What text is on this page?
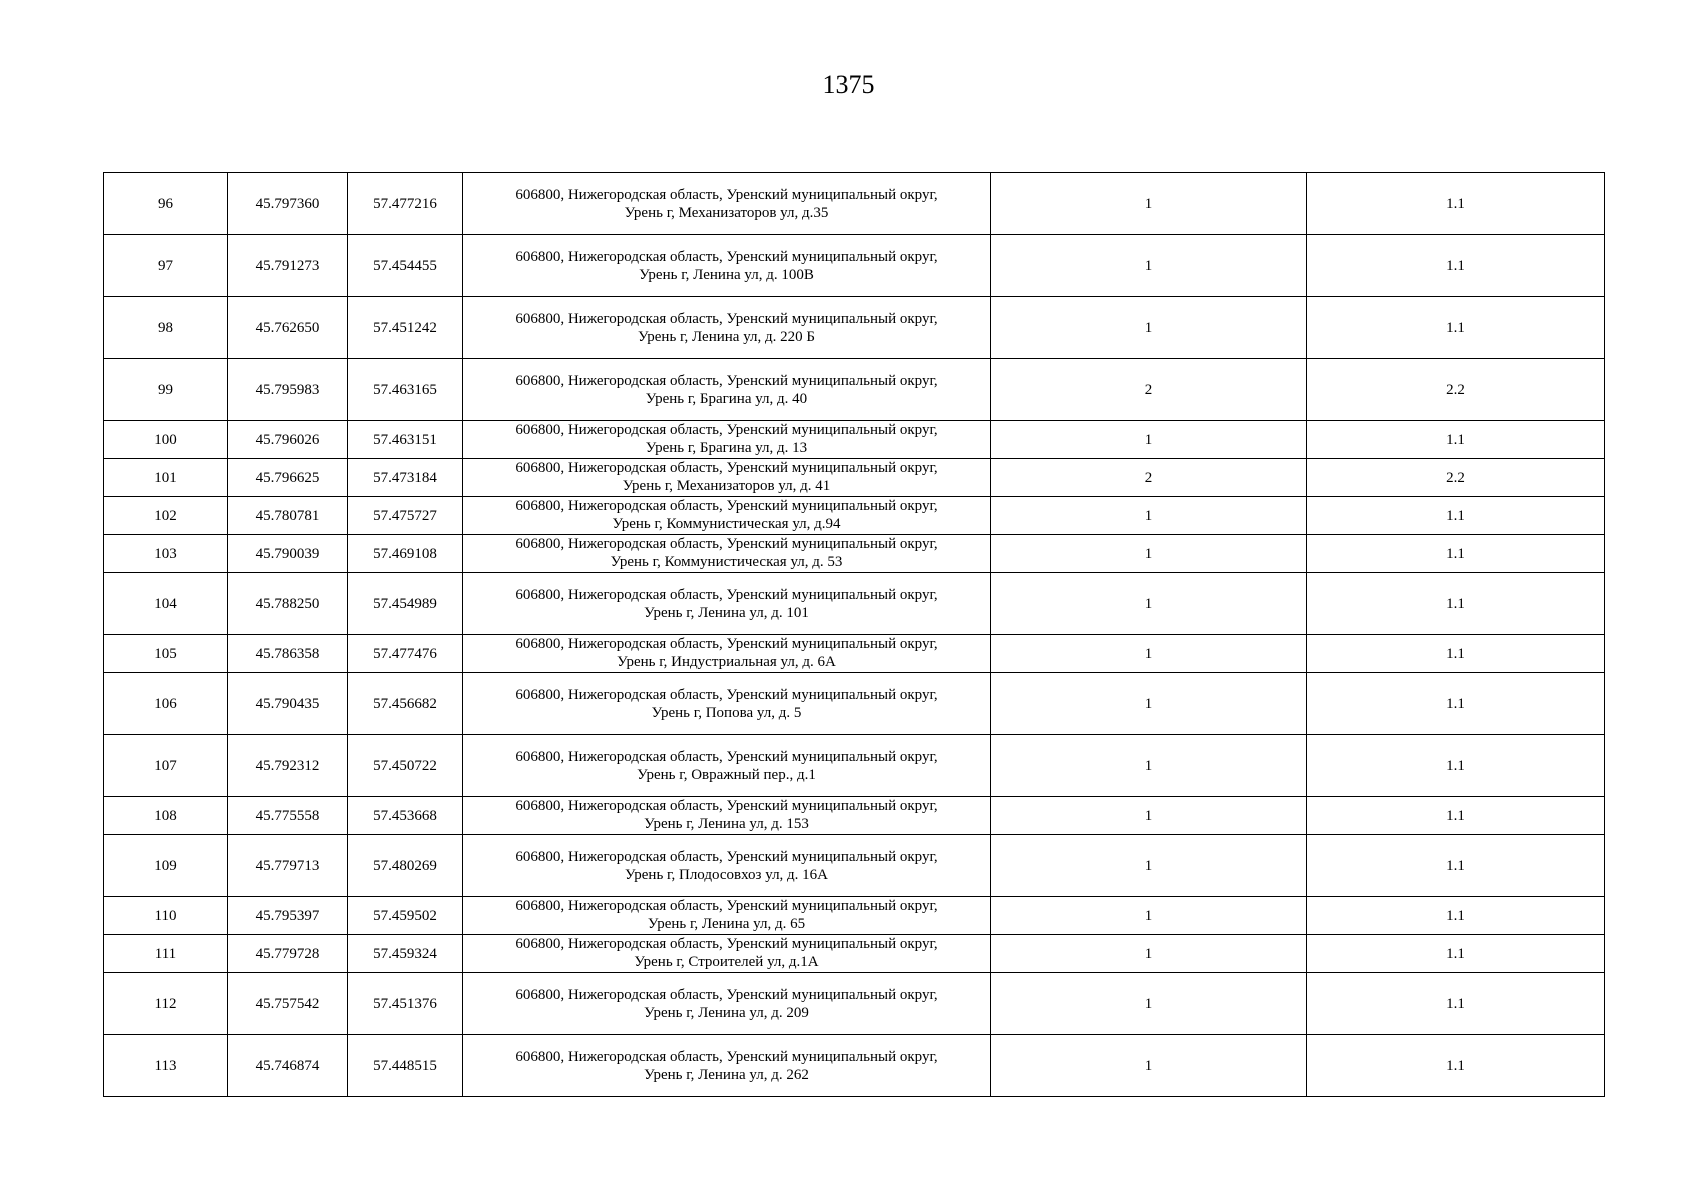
1375
96	45.797360	57.477216	606800, Нижегородская область, Уренский муниципальный округ,
Урень г, Механизаторов ул, д.35	1	1.1
97	45.791273	57.454455	606800, Нижегородская область, Уренский муниципальный округ,
Урень г, Ленина ул, д. 100В	1	1.1
98	45.762650	57.451242	606800, Нижегородская область, Уренский муниципальный округ,
Урень г, Ленина ул, д. 220 Б	1	1.1
99	45.795983	57.463165	606800, Нижегородская область, Уренский муниципальный округ,
Урень г, Брагина ул, д. 40	2	2.2
100	45.796026	57.463151	606800, Нижегородская область, Уренский муниципальный округ,
Урень г, Брагина ул, д. 13	1	1.1
101	45.796625	57.473184	606800, Нижегородская область, Уренский муниципальный округ,
Урень г, Механизаторов ул, д. 41	2	2.2
102	45.780781	57.475727	606800, Нижегородская область, Уренский муниципальный округ,
Урень г, Коммунистическая ул, д.94	1	1.1
103	45.790039	57.469108	606800, Нижегородская область, Уренский муниципальный округ,
Урень г, Коммунистическая ул, д. 53	1	1.1
104	45.788250	57.454989	606800, Нижегородская область, Уренский муниципальный округ,
Урень г, Ленина ул, д. 101	1	1.1
105	45.786358	57.477476	606800, Нижегородская область, Уренский муниципальный округ,
Урень г, Индустриальная ул, д. 6А	1	1.1
106	45.790435	57.456682	606800, Нижегородская область, Уренский муниципальный округ,
Урень г, Попова ул, д. 5	1	1.1
107	45.792312	57.450722	606800, Нижегородская область, Уренский муниципальный округ,
Урень г, Овражный пер., д.1	1	1.1
108	45.775558	57.453668	606800, Нижегородская область, Уренский муниципальный округ,
Урень г, Ленина ул, д. 153	1	1.1
109	45.779713	57.480269	606800, Нижегородская область, Уренский муниципальный округ,
Урень г, Плодосовхоз ул, д. 16А	1	1.1
110	45.795397	57.459502	606800, Нижегородская область, Уренский муниципальный округ,
Урень г, Ленина ул, д. 65	1	1.1
111	45.779728	57.459324	606800, Нижегородская область, Уренский муниципальный округ,
Урень г, Строителей ул, д.1А	1	1.1
112	45.757542	57.451376	606800, Нижегородская область, Уренский муниципальный округ,
Урень г, Ленина ул, д. 209	1	1.1
113	45.746874	57.448515	606800, Нижегородская область, Уренский муниципальный округ,
Урень г, Ленина ул, д. 262	1	1.1
